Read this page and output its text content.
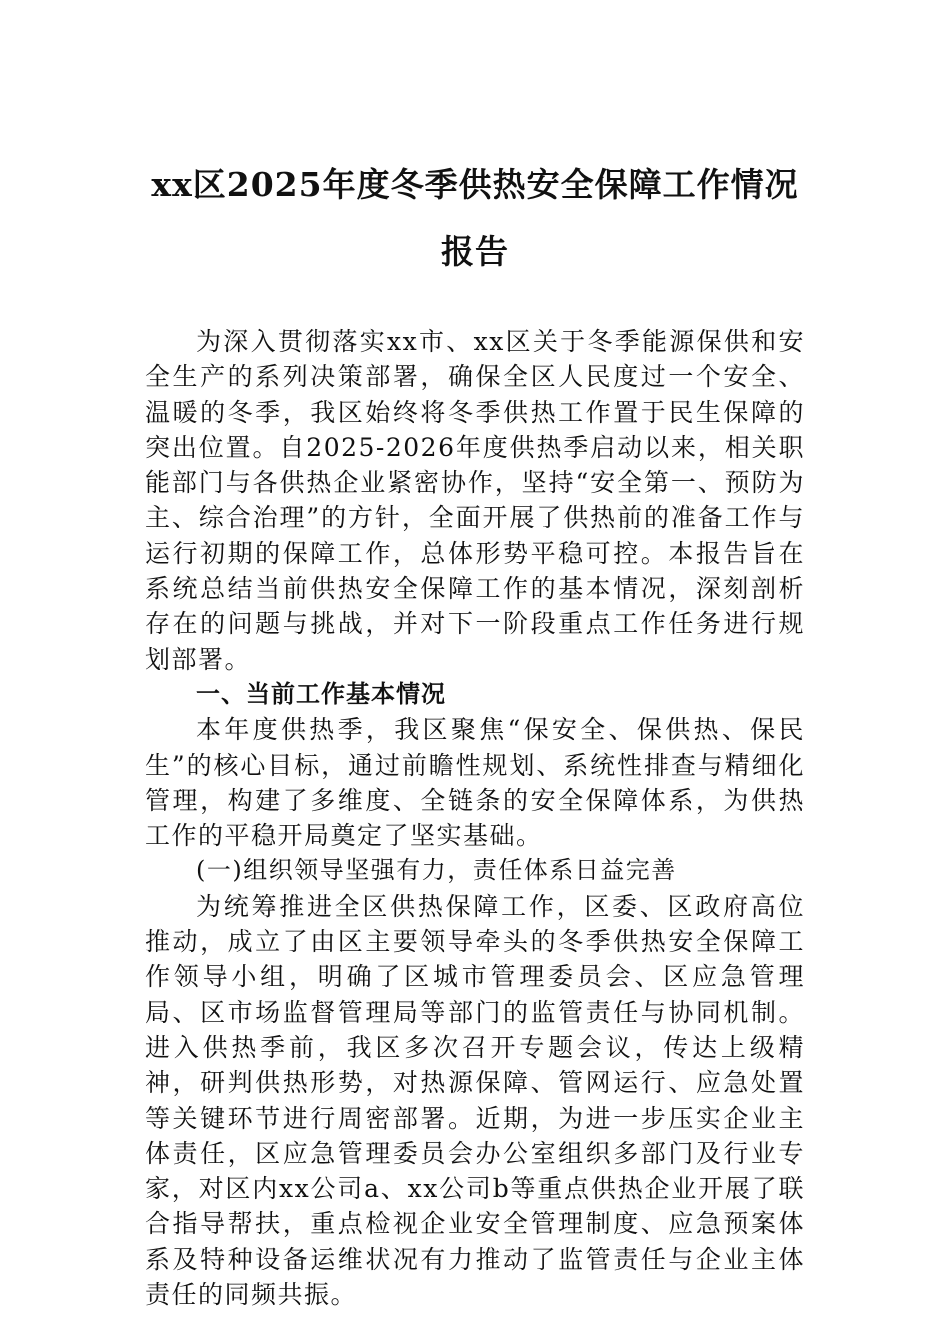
xx区2025年度冬季供热安全保障工作情况
报告

为深入贯彻落实xx市、xx区关于冬季能源保供和安全生产的系列决策部署，确保全区人民度过一个安全、温暖的冬季，我区始终将冬季供热工作置于民生保障的突出位置。自2025-2026年度供热季启动以来，相关职能部门与各供热企业紧密协作，坚持“安全第一、预防为主、综合治理”的方针，全面开展了供热前的准备工作与运行初期的保障工作，总体形势平稳可控。本报告旨在系统总结当前供热安全保障工作的基本情况，深刻剖析存在的问题与挑战，并对下一阶段重点工作任务进行规划部署。

一、当前工作基本情况

本年度供热季，我区聚焦“保安全、保供热、保民生”的核心目标，通过前瞻性规划、系统性排查与精细化管理，构建了多维度、全链条的安全保障体系，为供热工作的平稳开局奠定了坚实基础。

(一)组织领导坚强有力，责任体系日益完善

为统筹推进全区供热保障工作，区委、区政府高位推动，成立了由区主要领导牵头的冬季供热安全保障工作领导小组，明确了区城市管理委员会、区应急管理局、区市场监督管理局等部门的监管责任与协同机制。进入供热季前，我区多次召开专题会议，传达上级精神，研判供热形势，对热源保障、管网运行、应急处置等关键环节进行周密部署。近期，为进一步压实企业主体责任，区应急管理委员会办公室组织多部门及行业专家，对区内xx公司a、xx公司b等重点供热企业开展了联合指导帮扶，重点检视企业安全管理制度、应急预案体系及特种设备运维状况有力推动了监管责任与企业主体责任的同频共振。
